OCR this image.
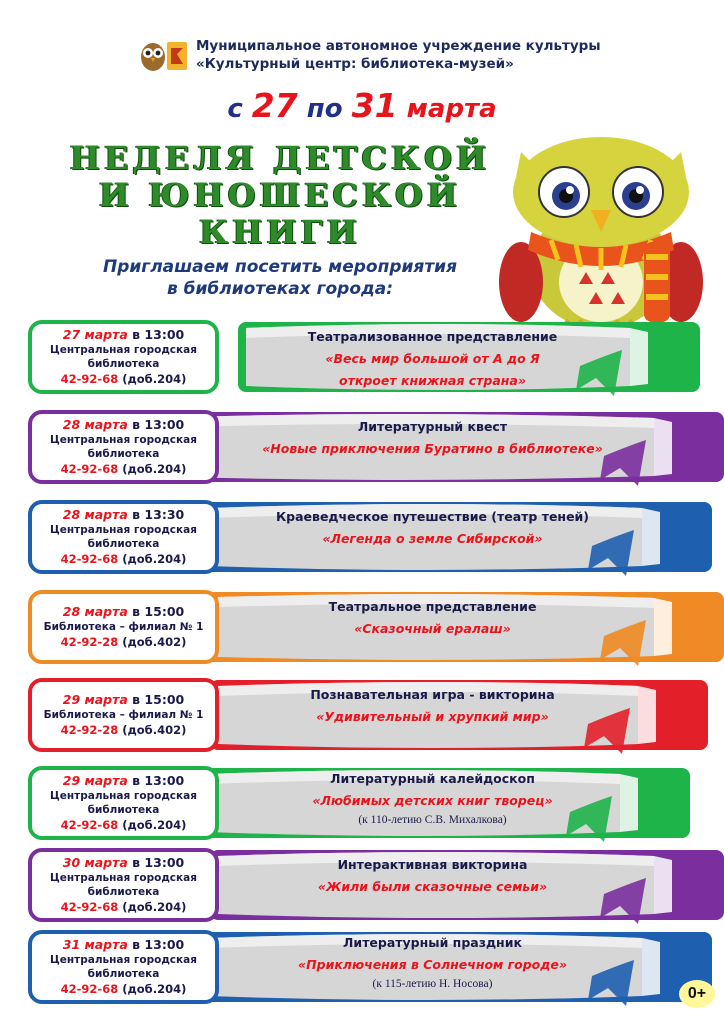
Муниципальное автономное учреждение культуры
«Культурный центр: библиотека-музей»
с 27 по 31 марта
НЕДЕЛЯ ДЕТСКОЙ
И ЮНОШЕСКОЙ
КНИГИ
Приглашаем посетить мероприятия
в библиотеках города:
27 марта в 13:00
Центральная городская
библиотека
42-92-68 (доб.204)
Театрализованное представление
«Весь мир большой от А до Я
откроет книжная страна»
28 марта в 13:00
Центральная городская
библиотека
42-92-68 (доб.204)
Литературный квест
«Новые приключения Буратино в библиотеке»
28 марта в 13:30
Центральная городская
библиотека
42-92-68 (доб.204)
Краеведческое путешествие (театр теней)
«Легенда о земле Сибирской»
28 марта в 15:00
Библиотека – филиал № 1
42-92-28 (доб.402)
Театральное представление
«Сказочный ералаш»
29 марта в 15:00
Библиотека – филиал № 1
42-92-28 (доб.402)
Познавательная игра - викторина
«Удивительный и хрупкий мир»
29 марта в 13:00
Центральная городская
библиотека
42-92-68 (доб.204)
Литературный калейдоскоп
«Любимых детских книг творец»
(к 110-летию С.В. Михалкова)
30 марта в 13:00
Центральная городская
библиотека
42-92-68 (доб.204)
Интерактивная викторина
«Жили были сказочные семьи»
31 марта в 13:00
Центральная городская
библиотека
42-92-68 (доб.204)
Литературный праздник
«Приключения в Солнечном городе»
(к 115-летию Н. Носова)
0+
